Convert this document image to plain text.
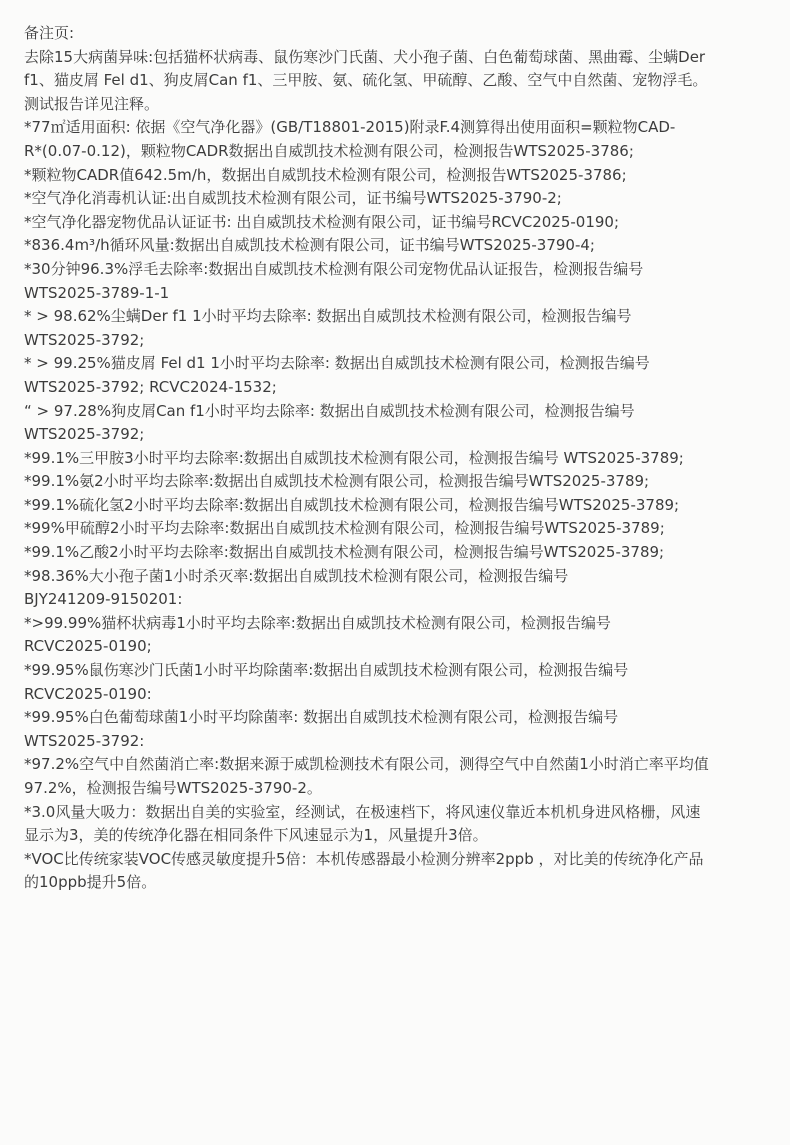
备注页:
去除15大病菌异味:包括猫杯状病毒、鼠伤寒沙门氏菌、犬小孢子菌、白色葡萄球菌、黑曲霉、尘螨Der
f1、猫皮屑 Fel d1、狗皮屑Can f1、三甲胺、氨、硫化氢、甲硫醇、乙酸、空气中自然菌、宠物浮毛。
测试报告详见注释。
*77㎡适用面积: 依据《空气净化器》(GB/T18801-2015)附录F.4测算得出使用面积=颗粒物CAD-
R*(0.07-0.12)，颗粒物CADR数据出自威凯技术检测有限公司，检测报告WTS2025-3786;
*颗粒物CADR值642.5m/h，数据出自威凯技术检测有限公司，检测报告WTS2025-3786;
*空气净化消毒机认证:出自威凯技术检测有限公司，证书编号WTS2025-3790-2;
*空气净化器宠物优品认证证书: 出自威凯技术检测有限公司，证书编号RCVC2025-0190;
*836.4m³/h循环风量:数据出自威凯技术检测有限公司，证书编号WTS2025-3790-4;
*30分钟96.3%浮毛去除率:数据出自威凯技术检测有限公司宠物优品认证报告，检测报告编号
WTS2025-3789-1-1
* > 98.62%尘螨Der f1 1小时平均去除率: 数据出自威凯技术检测有限公司，检测报告编号
WTS2025-3792;
* > 99.25%猫皮屑 Fel d1 1小时平均去除率: 数据出自威凯技术检测有限公司，检测报告编号
WTS2025-3792; RCVC2024-1532;
“ > 97.28%狗皮屑Can f1小时平均去除率: 数据出自威凯技术检测有限公司，检测报告编号
WTS2025-3792;
*99.1%三甲胺3小时平均去除率:数据出自威凯技术检测有限公司，检测报告编号 WTS2025-3789;
*99.1%氨2小时平均去除率:数据出自威凯技术检测有限公司，检测报告编号WTS2025-3789;
*99.1%硫化氢2小时平均去除率:数据出自威凯技术检测有限公司，检测报告编号WTS2025-3789;
*99%甲硫醇2小时平均去除率:数据出自威凯技术检测有限公司，检测报告编号WTS2025-3789;
*99.1%乙酸2小时平均去除率:数据出自威凯技术检测有限公司，检测报告编号WTS2025-3789;
*98.36%大小孢子菌1小时杀灭率:数据出自威凯技术检测有限公司，检测报告编号
BJY241209-9150201:
*>99.99%猫杯状病毒1小时平均去除率:数据出自威凯技术检测有限公司，检测报告编号
RCVC2025-0190;
*99.95%鼠伤寒沙门氏菌1小时平均除菌率:数据出自威凯技术检测有限公司，检测报告编号
RCVC2025-0190:
*99.95%白色葡萄球菌1小时平均除菌率: 数据出自威凯技术检测有限公司，检测报告编号
WTS2025-3792:
*97.2%空气中自然菌消亡率:数据来源于威凯检测技术有限公司，测得空气中自然菌1小时消亡率平均值
97.2%，检测报告编号WTS2025-3790-2。
*3.0风量大吸力：数据出自美的实验室，经测试，在极速档下，将风速仪靠近本机机身进风格栅，风速
显示为3，美的传统净化器在相同条件下风速显示为1，风量提升3倍。
*VOC比传统家装VOC传感灵敏度提升5倍：本机传感器最小检测分辨率2ppb ，对比美的传统净化产品
的10ppb提升5倍。
